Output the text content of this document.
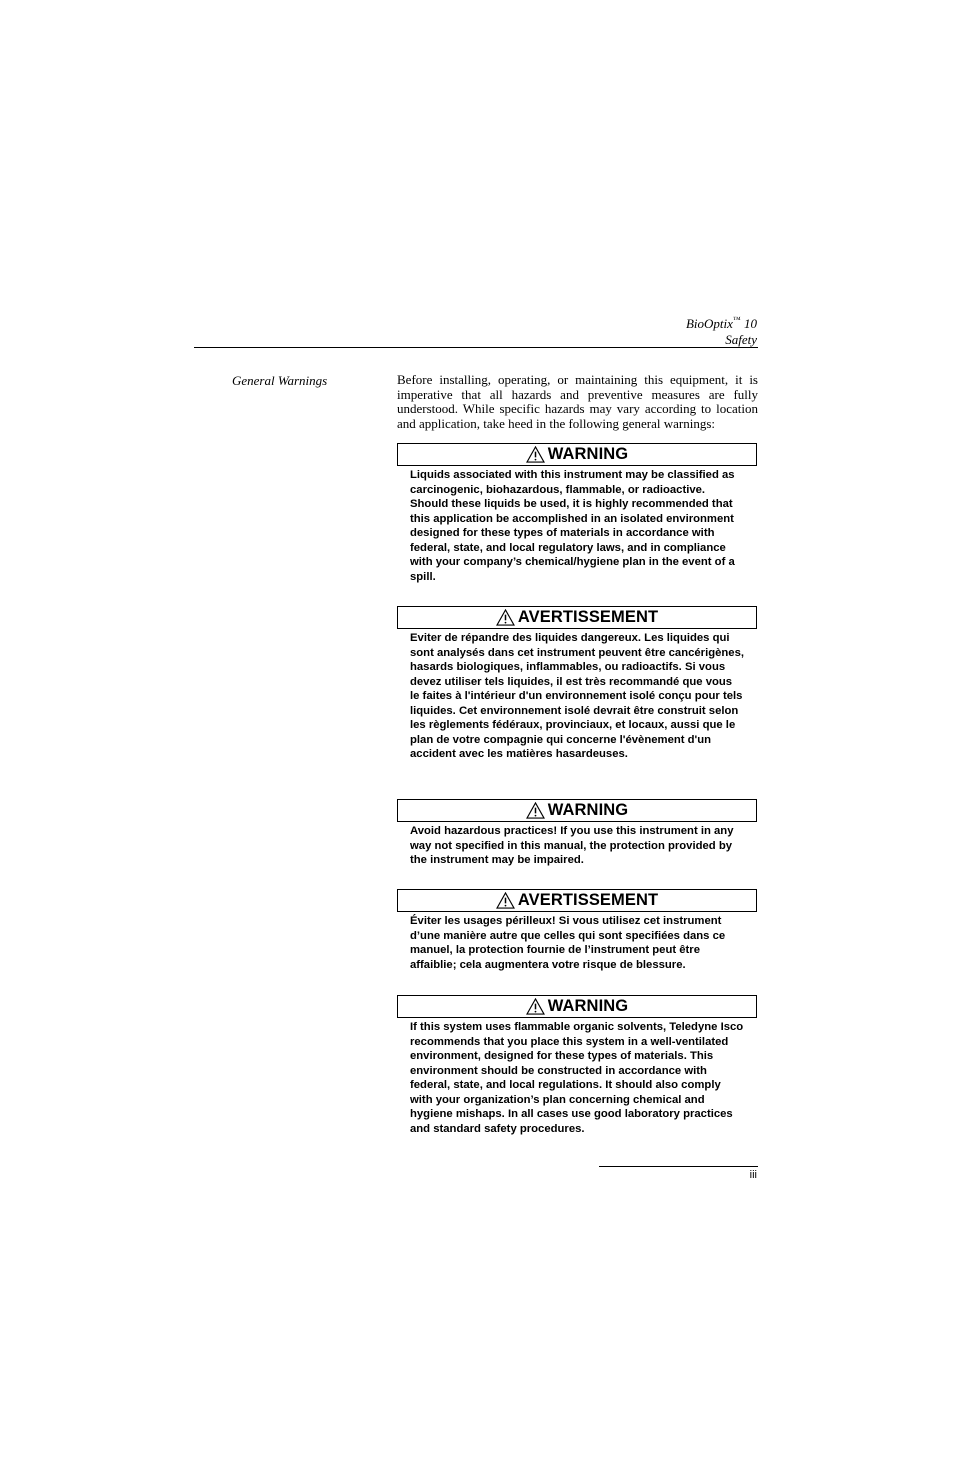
BioOptix™ 10
Safety
General Warnings	Before installing, operating, or maintaining this equipment, it is imperative that all hazards and preventive measures are fully understood. While specific hazards may vary according to location and application, take heed in the following general warnings:
WARNING
Liquids associated with this instrument may be classified as carcinogenic, biohazardous, flammable, or radioactive. Should these liquids be used, it is highly recommended that this application be accomplished in an isolated environment designed for these types of materials in accordance with federal, state, and local regulatory laws, and in compliance with your company’s chemical/hygiene plan in the event of a spill.
AVERTISSEMENT
Eviter de répandre des liquides dangereux. Les liquides qui sont analysés dans cet instrument peuvent être cancérigènes, hasards biologiques, inflammables, ou radioactifs. Si vous devez utiliser tels liquides, il est très recommandé que vous le faites à l'intérieur d'un environnement isolé conçu pour tels liquides. Cet environnement isolé devrait être construit selon les règlements fédéraux, provinciaux, et locaux, aussi que le plan de votre compagnie qui concerne l'évènement d'un accident avec les matières hasardeuses.
WARNING
Avoid hazardous practices! If you use this instrument in any way not specified in this manual, the protection provided by the instrument may be impaired.
AVERTISSEMENT
Éviter les usages périlleux! Si vous utilisez cet instrument d’une manière autre que celles qui sont specifiées dans ce manuel, la protection fournie de l’instrument peut être affaiblie; cela augmentera votre risque de blessure.
WARNING
If this system uses flammable organic solvents, Teledyne Isco recommends that you place this system in a well-ventilated environment, designed for these types of materials. This environment should be constructed in accordance with federal, state, and local regulations. It should also comply with your organization’s plan concerning chemical and hygiene mishaps. In all cases use good laboratory practices and standard safety procedures.
iii
